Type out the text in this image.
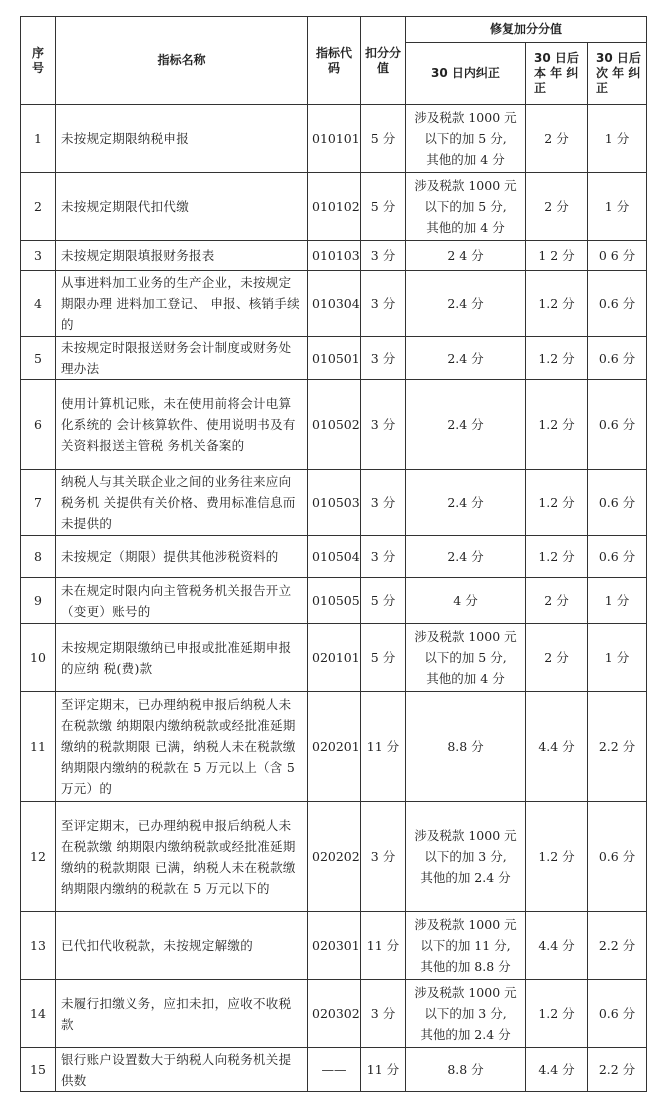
序
号	指标名称	指标代
码	扣分分
值	修复加分分值		
				30 日内纠正	30 日后
本 年 纠
正	30 日后
次 年 纠
正
1	未按规定期限纳税申报	010101	5 分	涉及税款 1000 元
以下的加 5 分,
其他的加 4 分	2 分	1 分
2	未按规定期限代扣代缴	010102	5 分	涉及税款 1000 元
以下的加 5 分,
其他的加 4 分	2 分	1 分
3	未按规定期限填报财务报表	010103	3 分	2 4 分	1 2 分	0 6 分
4	从事进料加工业务的生产企业，未按规定期限办理 进料加工登记、 申报、核销手续的	010304	3 分	2.4 分	1.2 分	0.6 分
5	未按规定时限报送财务会计制度或财务处理办法	010501	3 分	2.4 分	1.2 分	0.6 分
6	使用计算机记账，未在使用前将会计电算化系统的 会计核算软件、使用说明书及有关资料报送主管税 务机关备案的	010502	3 分	2.4 分	1.2 分	0.6 分
7	纳税人与其关联企业之间的业务往来应向税务机 关提供有关价格、费用标准信息而未提供的	010503	3 分	2.4 分	1.2 分	0.6 分
8	未按规定（期限）提供其他涉税资料的	010504	3 分	2.4 分	1.2 分	0.6 分
9	未在规定时限内向主管税务机关报告开立（变更）账号的	010505	5 分	4 分	2 分	1 分
10	未按规定期限缴纳已申报或批准延期申报的应纳 税(费)款	020101	5 分	涉及税款 1000 元
以下的加 5 分,
其他的加 4 分	2 分	1 分
11	至评定期末，已办理纳税申报后纳税人未在税款缴 纳期限内缴纳税款或经批准延期缴纳的税款期限 已满，纳税人未在税款缴纳期限内缴纳的税款在 5 万元以上（含 5 万元）的	020201	11 分	8.8 分	4.4 分	2.2 分
12	至评定期末，已办理纳税申报后纳税人未在税款缴 纳期限内缴纳税款或经批准延期缴纳的税款期限 已满，纳税人未在税款缴纳期限内缴纳的税款在 5 万元以下的	020202	3 分	涉及税款 1000 元
以下的加 3 分,
其他的加 2.4 分	1.2 分	0.6 分
13	已代扣代收税款，未按规定解缴的	020301	11 分	涉及税款 1000 元
以下的加 11 分,
其他的加 8.8 分	4.4 分	2.2 分
14	未履行扣缴义务，应扣未扣，应收不收税款	020302	3 分	涉及税款 1000 元
以下的加 3 分,
其他的加 2.4 分	1.2 分	0.6 分
15	银行账户设置数大于纳税人向税务机关提供数	——	11 分	8.8 分	4.4 分	2.2 分
